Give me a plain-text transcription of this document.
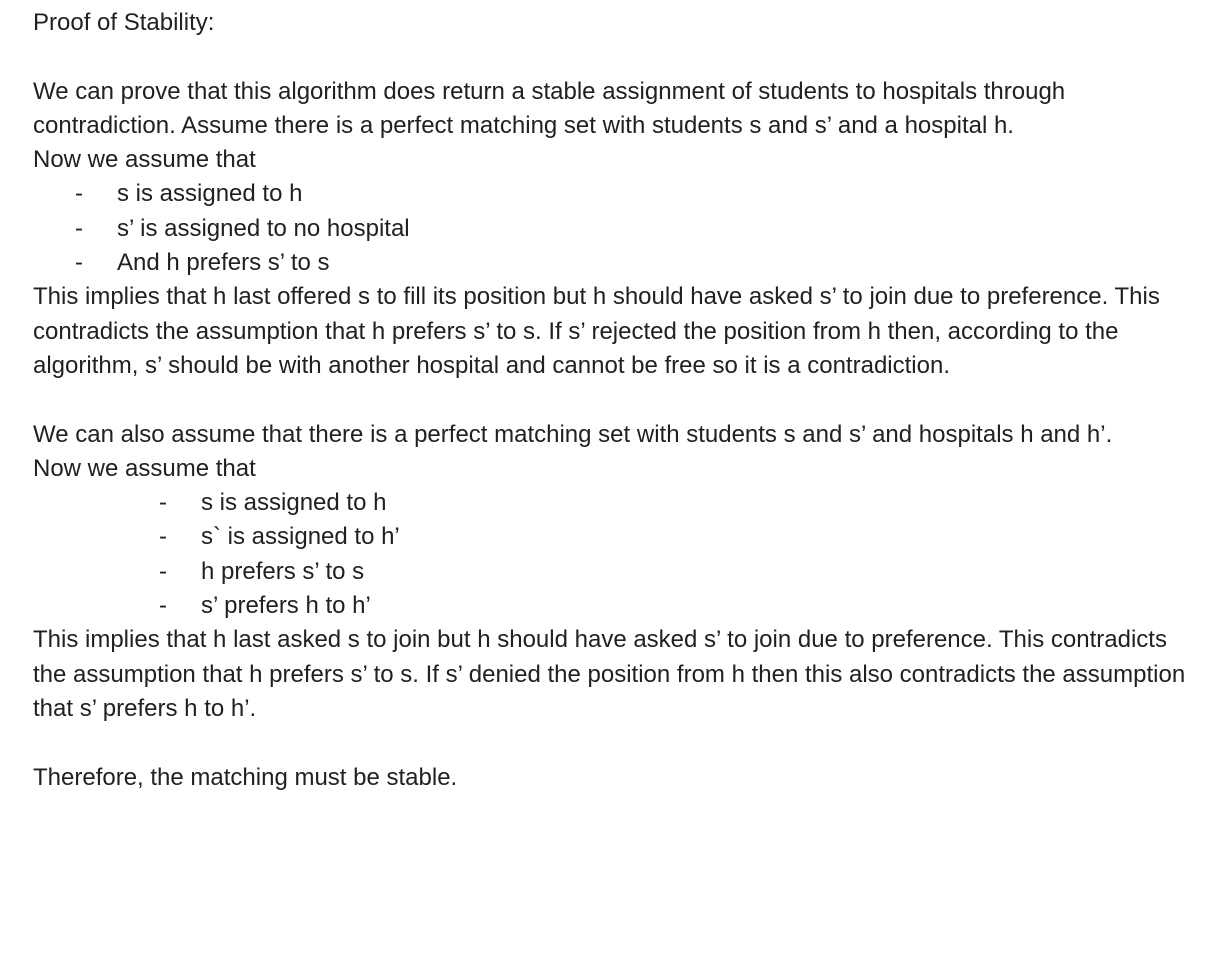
Proof of Stability:

We can prove that this algorithm does return a stable assignment of students to hospitals through contradiction. Assume there is a perfect matching set with students s and s’ and a hospital h.

Now we assume that

- s is assigned to h
- s’ is assigned to no hospital
- And h prefers s’ to s

This implies that h last offered s to fill its position but h should have asked s’ to join due to preference. This contradicts the assumption that h prefers s’ to s. If s’ rejected the position from h then, according to the algorithm, s’ should be with another hospital and cannot be free so it is a contradiction.

We can also assume that there is a perfect matching set with students s and s’ and hospitals h and h’.

Now we assume that

- s is assigned to h
- s` is assigned to h’
- h prefers s’ to s
- s’ prefers h to h’

This implies that h last asked s to join but h should have asked s’ to join due to preference. This contradicts the assumption that h prefers s’ to s. If s’ denied the position from h then this also contradicts the assumption that s’ prefers h to h’.

Therefore, the matching must be stable.
